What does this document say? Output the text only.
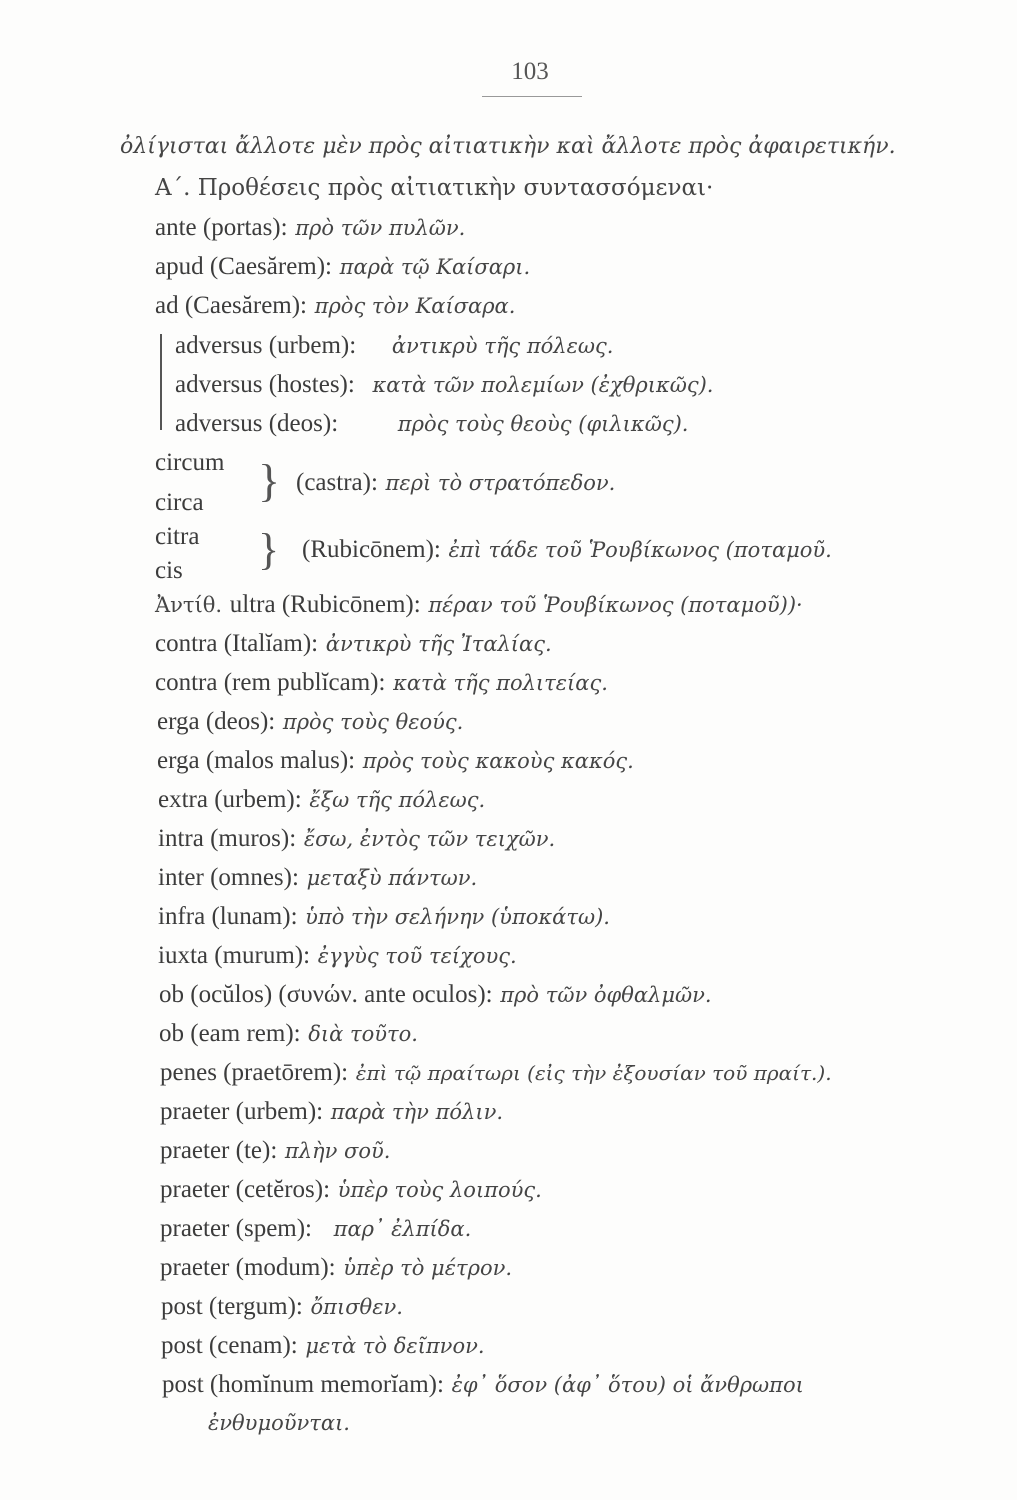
103
ὀλίγισται ἄλλοτε μὲν πρὸς αἰτιατικὴν καὶ ἄλλοτε πρὸς ἀφαιρετικήν.
Α΄. Προθέσεις πρὸς αἰτιατικὴν συντασσόμεναι·
ante (portas): πρὸ τῶν πυλῶν.
apud (Caesărem): παρὰ τῷ Καίσαρι.
ad (Caesărem): πρὸς τὸν Καίσαρα.
adversus (urbem): ἀντικρὺ τῆς πόλεως.
adversus (hostes): κατὰ τῶν πολεμίων (ἐχθρικῶς).
adversus (deos):	πρὸς τοὺς θεοὺς (φιλικῶς).
circum
circa } (castra): περὶ τὸ στρατόπεδον.
citra
cis } (Rubicōnem): ἐπὶ τάδε τοῦ Ῥουβίκωνος (ποταμοῦ.
Ἀντίθ. ultra (Rubicōnem): πέραν τοῦ Ῥουβίκωνος (ποταμοῦ))·
contra (Italĭam): ἀντικρὺ τῆς Ἰταλίας.
contra (rem publĭcam): κατὰ τῆς πολιτείας.
erga (deos): πρὸς τοὺς θεούς.
erga (malos malus): πρὸς τοὺς κακοὺς κακός.
extra (urbem): ἔξω τῆς πόλεως.
intra (muros): ἔσω, ἐντὸς τῶν τειχῶν.
inter (omnes): μεταξὺ πάντων.
infra (lunam): ὑπὸ τὴν σελήνην (ὑποκάτω).
iuxta (murum): ἐγγὺς τοῦ τείχους.
ob (ocŭlos) (συνών. ante oculos): πρὸ τῶν ὀφθαλμῶν.
ob (eam rem): διὰ τοῦτο.
penes (praetōrem): ἐπὶ τῷ πραίτωρι (εἰς τὴν ἐξουσίαν τοῦ πραίτ.).
praeter (urbem): παρὰ τὴν πόλιν.
praeter (te): πλὴν σοῦ.
praeter (cetĕros): ὑπὲρ τοὺς λοιπούς.
praeter (spem): παρ᾽ ἐλπίδα.
praeter (modum): ὑπὲρ τὸ μέτρον.
post (tergum): ὄπισθεν.
post (cenam): μετὰ τὸ δεῖπνον.
post (homĭnum memorĭam): ἐφ᾽ ὅσον (ἀφ᾽ ὅτου) οἱ ἄνθρωποι
ἐνθυμοῦνται.
